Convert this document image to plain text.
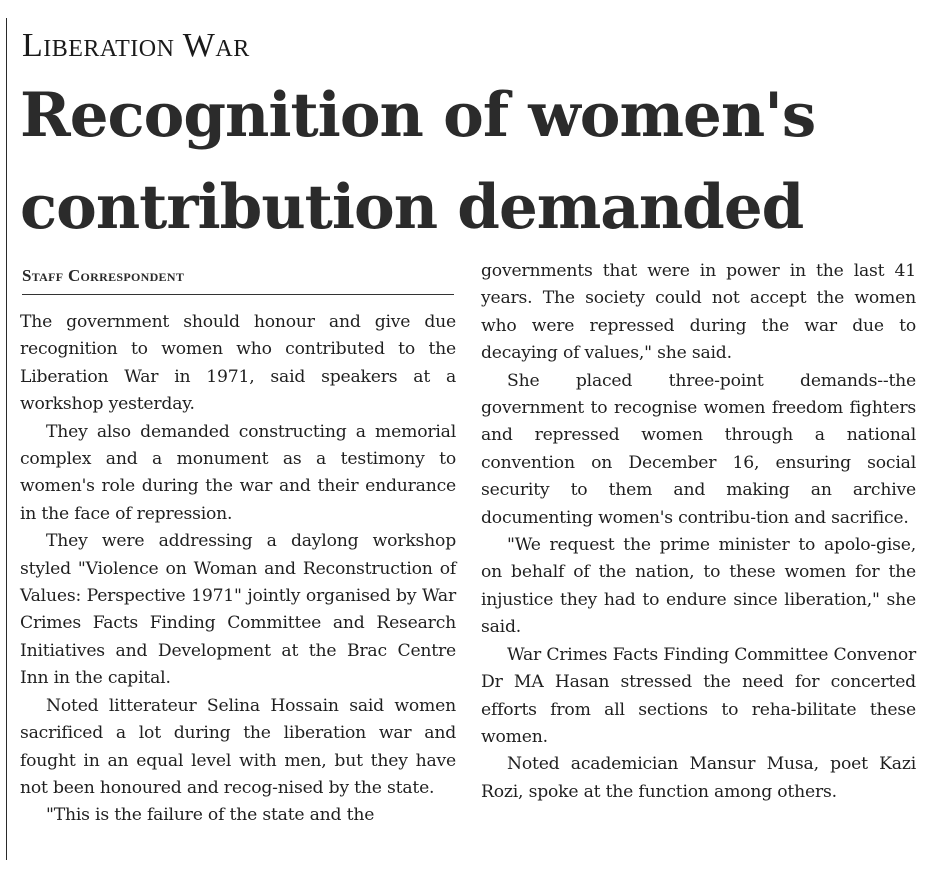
Liberation War
Recognition of women's
contribution demanded
Staff Correspondent

The government should honour and give due recognition to women who contributed to the Liberation War in 1971, said speakers at a workshop yesterday.

They also demanded constructing a memorial complex and a monument as a testimony to women's role during the war and their endurance in the face of repression.

They were addressing a daylong workshop styled "Violence on Woman and Reconstruction of Values: Perspective 1971" jointly organised by War Crimes Facts Finding Committee and Research Initiatives and Development at the Brac Centre Inn in the capital.

Noted litterateur Selina Hossain said women sacrificed a lot during the liberation war and fought in an equal level with men, but they have not been honoured and recog-nised by the state.

"This is the failure of the state and the

governments that were in power in the last 41 years. The society could not accept the women who were repressed during the war due to decaying of values," she said.

She placed three-point demands--the government to recognise women freedom fighters and repressed women through a national convention on December 16, ensuring social security to them and making an archive documenting women's contribu-tion and sacrifice.

"We request the prime minister to apolo-gise, on behalf of the nation, to these women for the injustice they had to endure since liberation," she said.

War Crimes Facts Finding Committee Convenor Dr MA Hasan stressed the need for concerted efforts from all sections to reha-bilitate these women.

Noted academician Mansur Musa, poet Kazi Rozi, spoke at the function among others.
